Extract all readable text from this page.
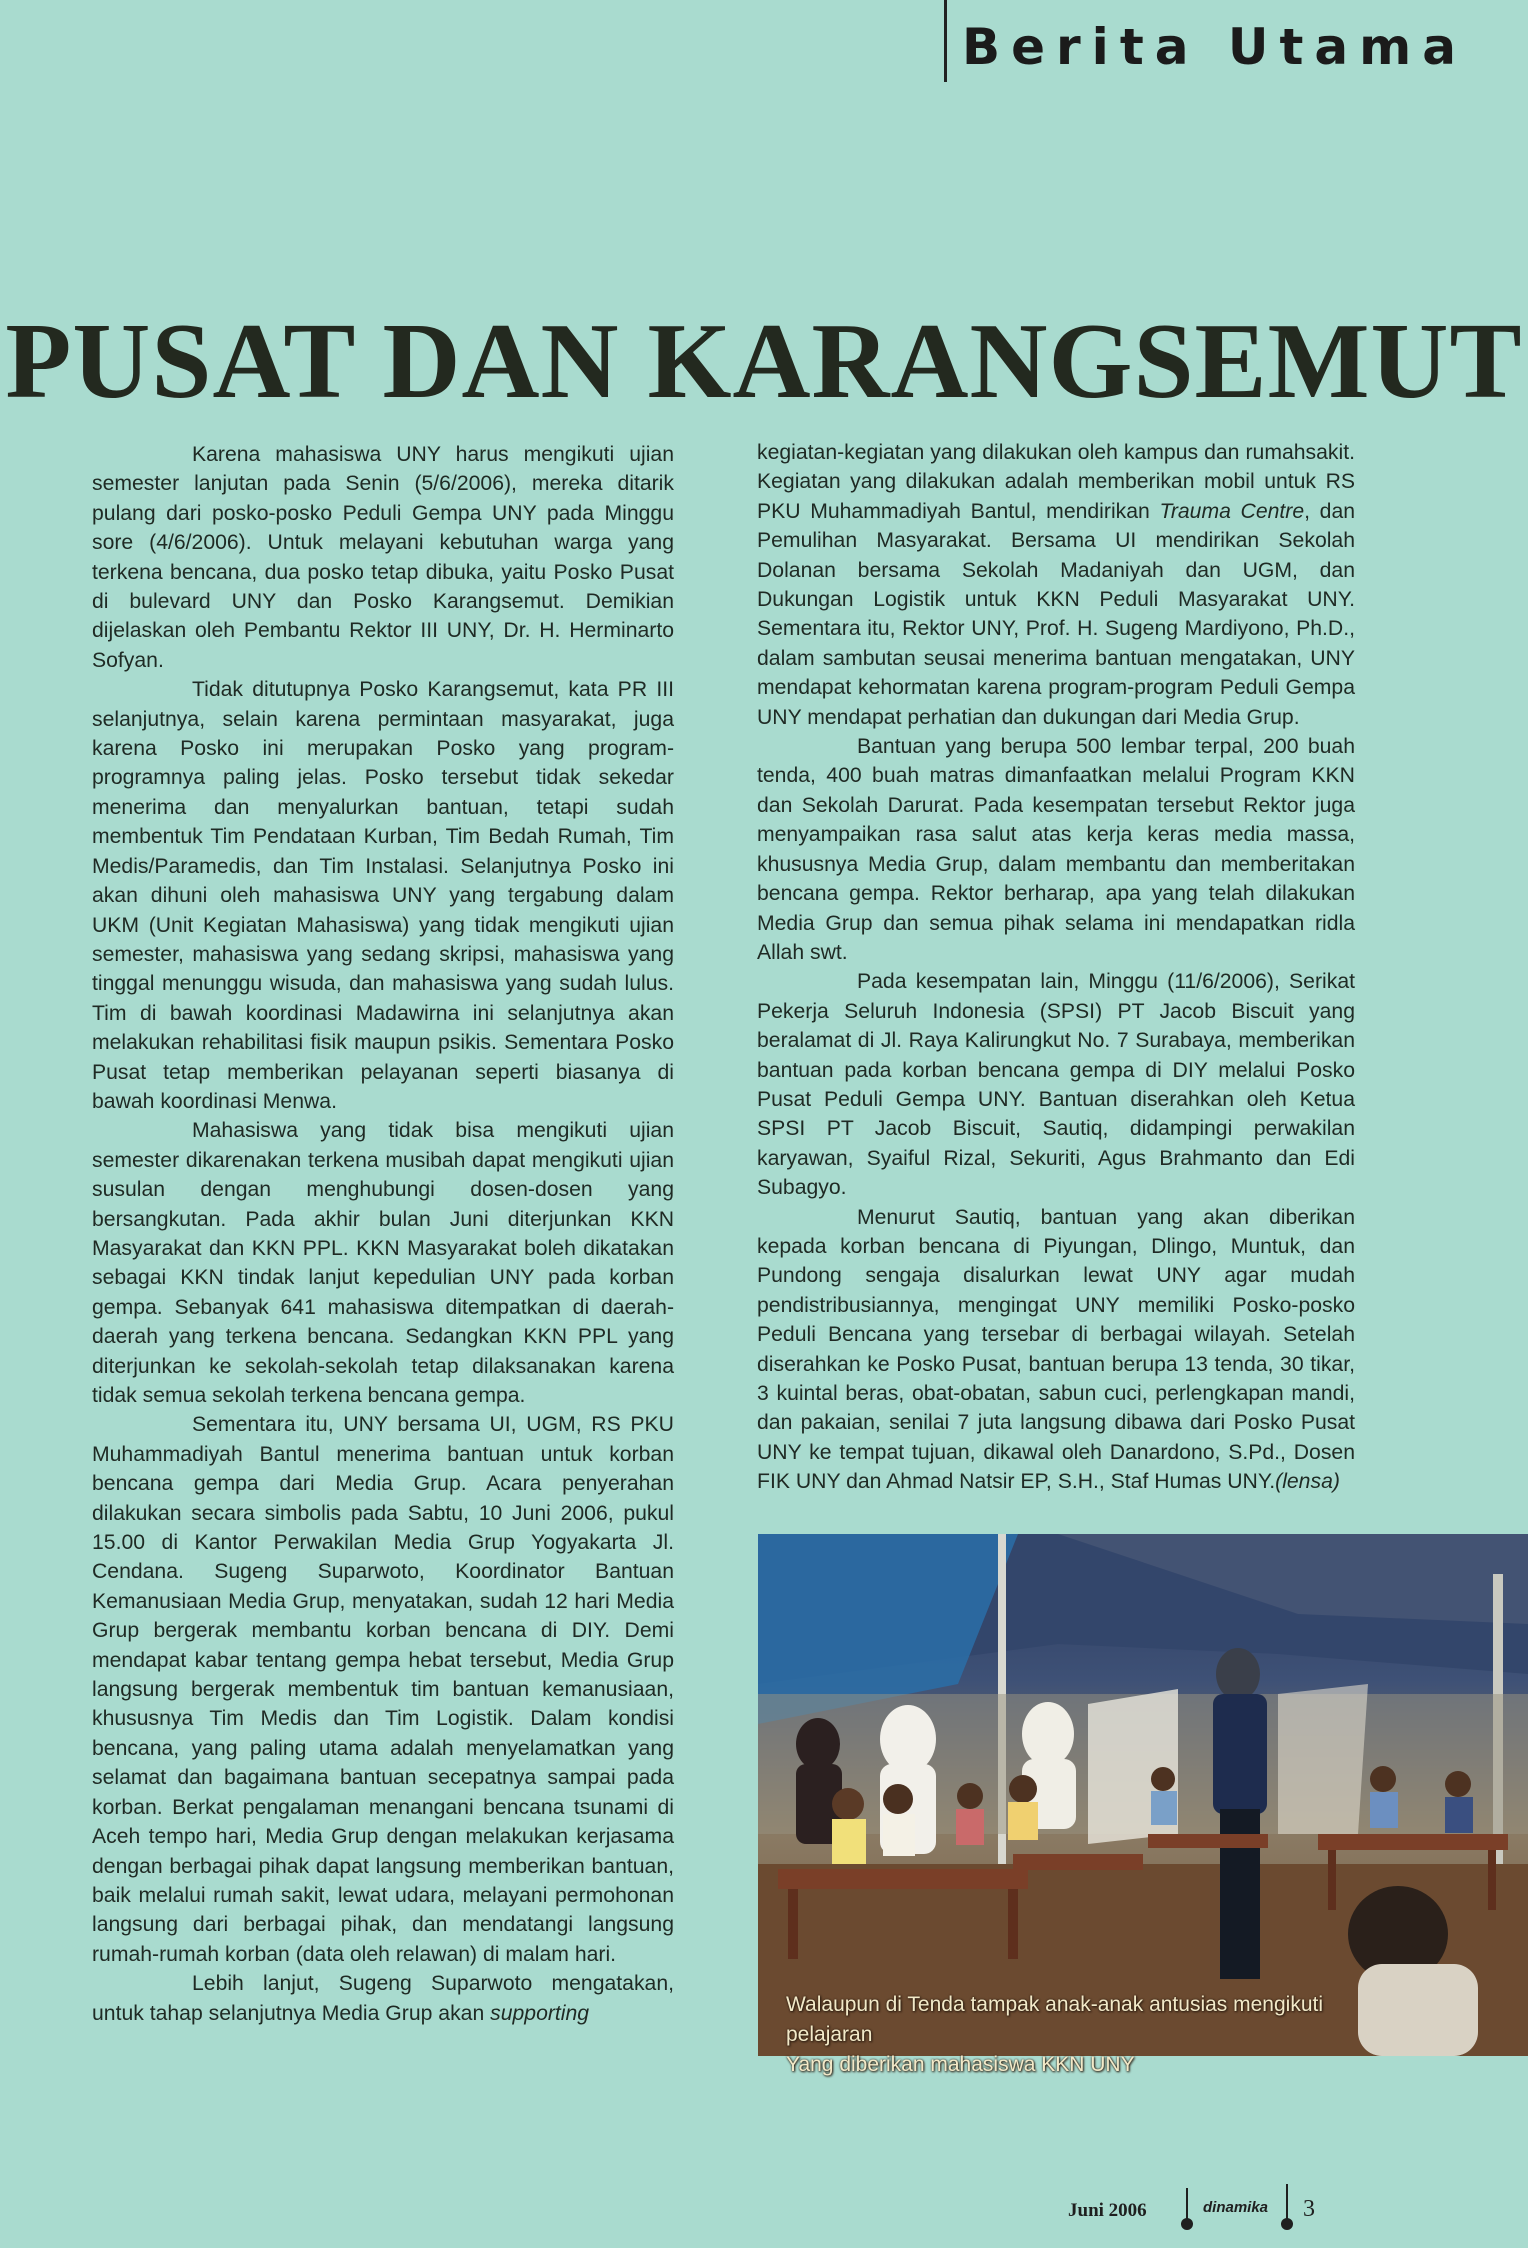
Berita Utama
PUSAT DAN KARANGSEMUT

Karena mahasiswa UNY harus mengikuti ujian semester lanjutan pada Senin (5/6/2006), mereka ditarik pulang dari posko-posko Peduli Gempa UNY pada Minggu sore (4/6/2006). Untuk melayani kebutuhan warga yang terkena bencana, dua posko tetap dibuka, yaitu Posko Pusat di bulevard UNY dan Posko Karangsemut. Demikian dijelaskan oleh Pembantu Rektor III UNY, Dr. H. Herminarto Sofyan.

Tidak ditutupnya Posko Karangsemut, kata PR III selanjutnya, selain karena permintaan masyarakat, juga karena Posko ini merupakan Posko yang program-programnya paling jelas. Posko tersebut tidak sekedar menerima dan menyalurkan bantuan, tetapi sudah membentuk Tim Pendataan Kurban, Tim Bedah Rumah, Tim Medis/Paramedis, dan Tim Instalasi. Selanjutnya Posko ini akan dihuni oleh mahasiswa UNY yang tergabung dalam UKM (Unit Kegiatan Mahasiswa) yang tidak mengikuti ujian semester, mahasiswa yang sedang skripsi, mahasiswa yang tinggal menunggu wisuda, dan mahasiswa yang sudah lulus. Tim di bawah koordinasi Madawirna ini selanjutnya akan melakukan rehabilitasi fisik maupun psikis. Sementara Posko Pusat tetap memberikan pelayanan seperti biasanya di bawah koordinasi Menwa.

Mahasiswa yang tidak bisa mengikuti ujian semester dikarenakan terkena musibah dapat mengikuti ujian susulan dengan menghubungi dosen-dosen yang bersangkutan. Pada akhir bulan Juni diterjunkan KKN Masyarakat dan KKN PPL. KKN Masyarakat boleh dikatakan sebagai KKN tindak lanjut kepedulian UNY pada korban gempa. Sebanyak 641 mahasiswa ditempatkan di daerah-daerah yang terkena bencana. Sedangkan KKN PPL yang diterjunkan ke sekolah-sekolah tetap dilaksanakan karena tidak semua sekolah terkena bencana gempa.

Sementara itu, UNY bersama UI, UGM, RS PKU Muhammadiyah Bantul menerima bantuan untuk korban bencana gempa dari Media Grup. Acara penyerahan dilakukan secara simbolis pada Sabtu, 10 Juni 2006, pukul 15.00 di Kantor Perwakilan Media Grup Yogyakarta Jl. Cendana. Sugeng Suparwoto, Koordinator Bantuan Kemanusiaan Media Grup, menyatakan, sudah 12 hari Media Grup bergerak membantu korban bencana di DIY. Demi mendapat kabar tentang gempa hebat tersebut, Media Grup langsung bergerak membentuk tim bantuan kemanusiaan, khususnya Tim Medis dan Tim Logistik. Dalam kondisi bencana, yang paling utama adalah menyelamatkan yang selamat dan bagaimana bantuan secepatnya sampai pada korban. Berkat pengalaman menangani bencana tsunami di Aceh tempo hari, Media Grup dengan melakukan kerjasama dengan berbagai pihak dapat langsung memberikan bantuan, baik melalui rumah sakit, lewat udara, melayani permohonan langsung dari berbagai pihak, dan mendatangi langsung rumah-rumah korban (data oleh relawan) di malam hari.

Lebih lanjut, Sugeng Suparwoto mengatakan, untuk tahap selanjutnya Media Grup akan supporting

kegiatan-kegiatan yang dilakukan oleh kampus dan rumahsakit. Kegiatan yang dilakukan adalah memberikan mobil untuk RS PKU Muhammadiyah Bantul, mendirikan Trauma Centre, dan Pemulihan Masyarakat. Bersama UI mendirikan Sekolah Dolanan bersama Sekolah Madaniyah dan UGM, dan Dukungan Logistik untuk KKN Peduli Masyarakat UNY. Sementara itu, Rektor UNY, Prof. H. Sugeng Mardiyono, Ph.D., dalam sambutan seusai menerima bantuan mengatakan, UNY mendapat kehormatan karena program-program Peduli Gempa UNY mendapat perhatian dan dukungan dari Media Grup.

Bantuan yang berupa 500 lembar terpal, 200 buah tenda, 400 buah matras dimanfaatkan melalui Program KKN dan Sekolah Darurat. Pada kesempatan tersebut Rektor juga menyampaikan rasa salut atas kerja keras media massa, khususnya Media Grup, dalam membantu dan memberitakan bencana gempa. Rektor berharap, apa yang telah dilakukan Media Grup dan semua pihak selama ini mendapatkan ridla Allah swt.

Pada kesempatan lain, Minggu (11/6/2006), Serikat Pekerja Seluruh Indonesia (SPSI) PT Jacob Biscuit yang beralamat di Jl. Raya Kalirungkut No. 7 Surabaya, memberikan bantuan pada korban bencana gempa di DIY melalui Posko Pusat Peduli Gempa UNY. Bantuan diserahkan oleh Ketua SPSI PT Jacob Biscuit, Sautiq, didampingi perwakilan karyawan, Syaiful Rizal, Sekuriti, Agus Brahmanto dan Edi Subagyo.

Menurut Sautiq, bantuan yang akan diberikan kepada korban bencana di Piyungan, Dlingo, Muntuk, dan Pundong sengaja disalurkan lewat UNY agar mudah pendistribusiannya, mengingat UNY memiliki Posko-posko Peduli Bencana yang tersebar di berbagai wilayah. Setelah diserahkan ke Posko Pusat, bantuan berupa 13 tenda, 30 tikar, 3 kuintal beras, obat-obatan, sabun cuci, perlengkapan mandi, dan pakaian, senilai 7 juta langsung dibawa dari Posko Pusat UNY ke tempat tujuan, dikawal oleh Danardono, S.Pd., Dosen FIK UNY dan Ahmad Natsir EP, S.H., Staf Humas UNY.(lensa)

Walaupun di Tenda tampak anak-anak antusias mengikuti pelajaran
Yang diberikan mahasiswa KKN UNY
Juni 2006	dinamika 3
